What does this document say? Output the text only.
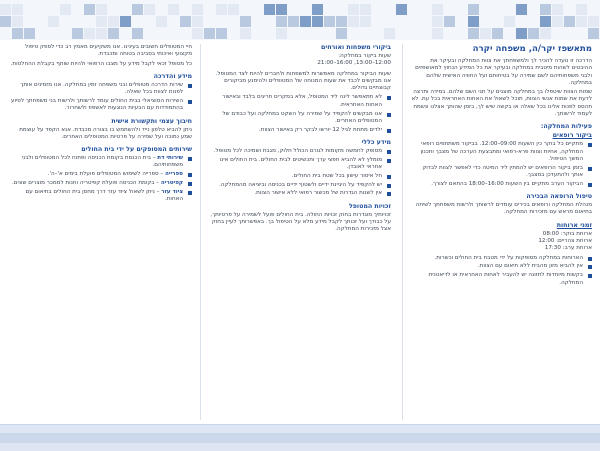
מתאשפז יקר/ה, משפחה יקרה

הדרכה זו נועדה להכיר לך ולמשפחתך את צוות המחלקה ובעיקר את ההיבטים לשהות מיטבית במחלקה ובעיקר את כל המידע הנחוץ למאושפזים ולבני משפחותיהם לשם שמירה על בטיחותם ועל החוויה האישית שלהם במחלקה.

שמות הצוות שיטפלו בך במחלקה מוצגים על תגי השם שלהם. במידה ותרצה לדעת את שמות אנשי הצוות, תוכל לשאול את האחות האחראית בכל עת. לא תהסס לפנות אלינו בכל שאלה או בקשה שיש לך, בזמן שהותך אצלנו ונשמח לעמוד לרשותך.

פעילות המחלקה:
ביקור רופאים
מתקיים כל בוקר כין השעות 09:00–12:00. בביקור משתתפים רופאי המחלקה, אחיות וצוות פרא-רפואי ומתבצעת הערכה של מצבך ותכנון המשך הטיפול.
בזמן ביקור הרופאים יש להמתין ליד המיטה כדי לאפשר לצוות לבדוק אותך ולהתעדכן במצבך.
הביקור הערב מתקיים בין השעות 16:00–18:00 בהתאם לצורך.
טיפול הרופאה הבכירה

מנהלת המחלקה ורופאים בכירים עומדים לרשותך ולרשות משפחתך לשיחה בתיאום מראש עם מזכירות המחלקה.

זמני ארוחות
ארוחת בוקר: 08:00
ארוחת צהריים: 12:00
ארוחת ערב: 17:30
הארוחות במחלקה מסופקות על ידי מטבח בית החולים וכשרות.
אין להביא מזון מהבית ללא תיאום עם הצוות.
בקשות מיוחדות לתזונה יש להעביר לאחות האחראית או לדיאטנית המחלקה.
ביקורי משפחות ואורחים
שעות ביקור במחלקה:
12:00–13:00, 16:00–21:00

שעות הביקור במחלקה מאפשרות למשפחות ולחברים להיות לצד המטופל. אנו מבקשים לכבד את שעות המנוחה של המטופלים ולהימנע מביקורים קבוצתיים גדולים.

לא תתאפשר לינה ליד המטופל, אלא במקרים חריגים בלבד ובאישור האחות האחראית.
אנו מבקשים להקפיד על שמירה על השקט במחלקה ועל כבודם של המטופלים האחרים.
ילדים מתחת לגיל 12 יורשו לבקר רק באישור הצוות.
מידע כללי
מסופק לחמשה מקומות לגורם הכולל חלוק, מגבת ושמיכה לכל מטופל.
מומלץ לא להביא חפצי ערך ותכשיטים לבית החולים. בית החולים אינו אחראי לאובדן.
חל איסור עישון בכל שטח בית החולים.
יש להקפיד על היגיינת ידיים ולשטוף ידיים בכניסה וביציאה מהמחלקה.
אין לשנות הגדרות של מכשור רפואי ללא אישור הצוות.
זכויות המטופל

זכויותיך מוגדרות בחוק זכויות החולה. בית החולים פועל לשמירה על פרטיותך, על כבודך ועל זכותך לקבל מידע מלא על הטיפול בך. באפשרותך לעיין בחוק אצל מזכירות המחלקה.

חיי המטופלים חשובים בעינינו. אנו משקיעים מאמץ רב כדי לספק טיפול מקצועי ואיכותי בסביבה בטוחה ומכבדת.

כל מטופל זכאי לקבל מידע על מצבו הרפואי ולהיות שותף בקבלת ההחלטות.

מידע והדרכה
שירות הדרכה מטופלים ובני משפחה זמין במחלקה. אנו מזמינים אותך לפנות לצוות בכל שאלה.
השירות הסוציאלי בבית החולים עומד לרשותך ולרשות בני משפחתך לסיוע בהתמודדות עם הבעיות הנוגעות לאשפוז ולשחרור.
חיבוך עצמי ותקשורת אישית

ניתן להביא טלפון נייד ולהשתמש בו בצורה מכבדת. אנא הקפד על עוצמת שמע נמוכה ועל שמירה על פרטיות המטופלים האחרים.

שירותים המסופקים על ידי בית החולים
שירותי דת – בית הכנסת בקומת הכניסה ופתוח לכל המטופלים ולבני משפחותיהם.
ספרייה – ספרייה לשימוש המטופלים פועלת בימים א'–ה'.
קפיטריה – בקומת הכניסה פועלת קפיטריה וחנות לממכר מוצרים שונים.
ציוד עזר – ניתן לשאול ציוד עזר דרך מחסן בית החולים בתיאום עם האחות.
